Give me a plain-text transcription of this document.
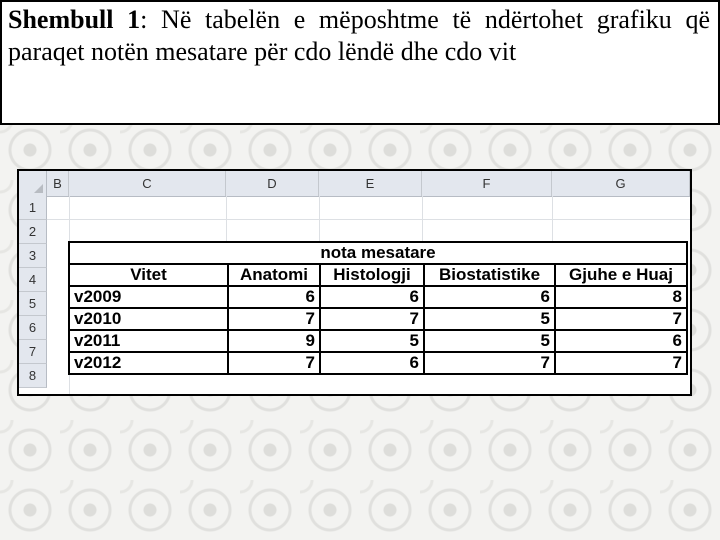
Shembull 1: Në tabelën e mëposhtme të ndërtohet grafiku që paraqet notën mesatare për cdo lëndë dhe cdo vit

B	C	D	E	F	G
1
2
3
4
5
6
7
8
nota mesatare				
Vitet	Anatomi	Histologji	Biostatistike	Gjuhe e Huaj
v2009	6	6	6	8
v2010	7	7	5	7
v2011	9	5	5	6
v2012	7	6	7	7
